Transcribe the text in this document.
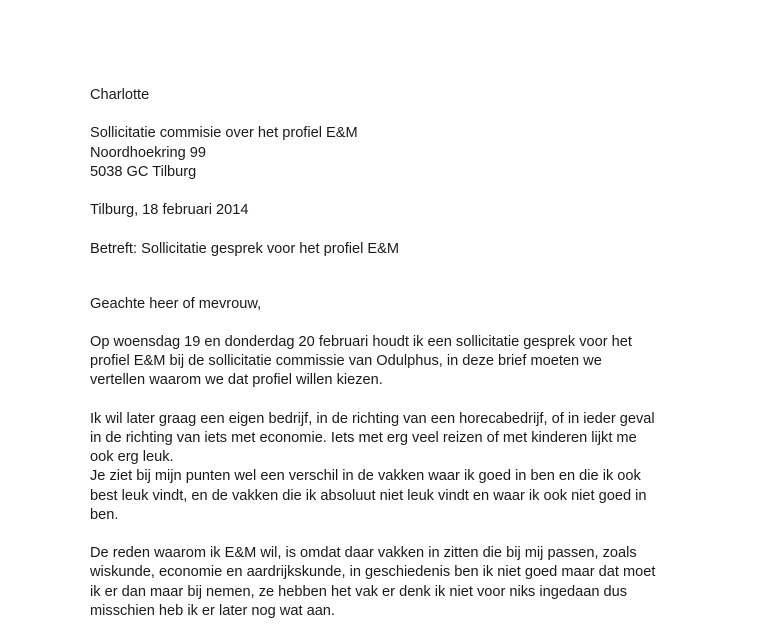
Charlotte
Sollicitatie commisie over het profiel E&M
Noordhoekring 99
5038 GC Tilburg
Tilburg, 18 februari 2014
Betreft: Sollicitatie gesprek voor het profiel E&M
Geachte heer of mevrouw,
Op woensdag 19 en donderdag 20 februari houdt ik een sollicitatie gesprek voor het
profiel E&M bij de sollicitatie commissie van Odulphus, in deze brief moeten we
vertellen waarom we dat profiel willen kiezen.
Ik wil later graag een eigen bedrijf, in de richting van een horecabedrijf, of in ieder geval
in de richting van iets met economie. Iets met erg veel reizen of met kinderen lijkt me
ook erg leuk.
Je ziet bij mijn punten wel een verschil in de vakken waar ik goed in ben en die ik ook
best leuk vindt, en de vakken die ik absoluut niet leuk vindt en waar ik ook niet goed in
ben.
De reden waarom ik E&M wil, is omdat daar vakken in zitten die bij mij passen, zoals
wiskunde, economie en aardrijkskunde, in geschiedenis ben ik niet goed maar dat moet
ik er dan maar bij nemen, ze hebben het vak er denk ik niet voor niks ingedaan dus
misschien heb ik er later nog wat aan.
